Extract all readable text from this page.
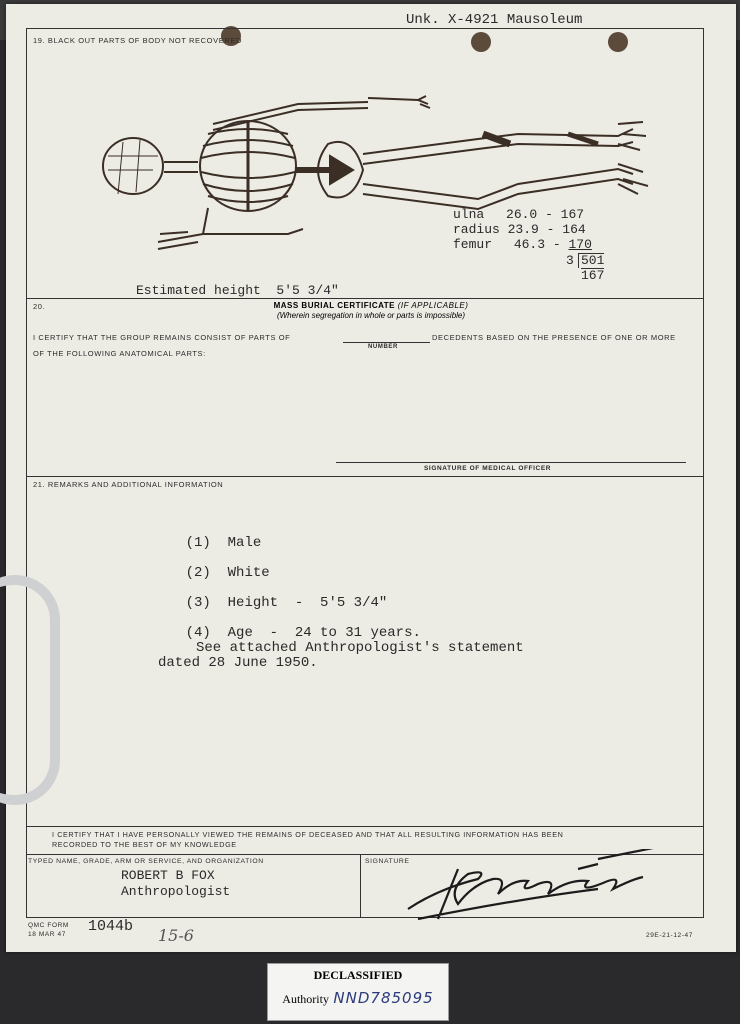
Unk. X-4921 Mausoleum
19. BLACK OUT PARTS OF BODY NOT RECOVERED
ulna 26.0 - 167
radius 23.9 - 164
femur 46.3 - 170
3 501
167
Estimated height  5'5 3/4"
20.	MASS BURIAL CERTIFICATE (IF APPLICABLE)
(Wherein segregation in whole or parts is impossible)
I CERTIFY THAT THE GROUP REMAINS CONSIST OF PARTS OF
NUMBER
DECEDENTS BASED ON THE PRESENCE OF ONE OR MORE
OF THE FOLLOWING ANATOMICAL PARTS:
SIGNATURE OF MEDICAL OFFICER
21. REMARKS AND ADDITIONAL INFORMATION

(1) Male

(2) White

(3) Height  -  5'5 3/4"

(4) Age  -  24 to 31 years.

See attached Anthropologist's statement
dated 28 June 1950.
I CERTIFY THAT I HAVE PERSONALLY VIEWED THE REMAINS OF DECEASED AND THAT ALL RESULTING INFORMATION HAS BEEN
RECORDED TO THE BEST OF MY KNOWLEDGE
TYPED NAME, GRADE, ARM OR SERVICE, AND ORGANIZATION
ROBERT B FOX
Anthropologist
SIGNATURE
QMC FORM
18 MAR 47 1044b 15-6	29E-21-12-47
DECLASSIFIED
Authority NND785095
